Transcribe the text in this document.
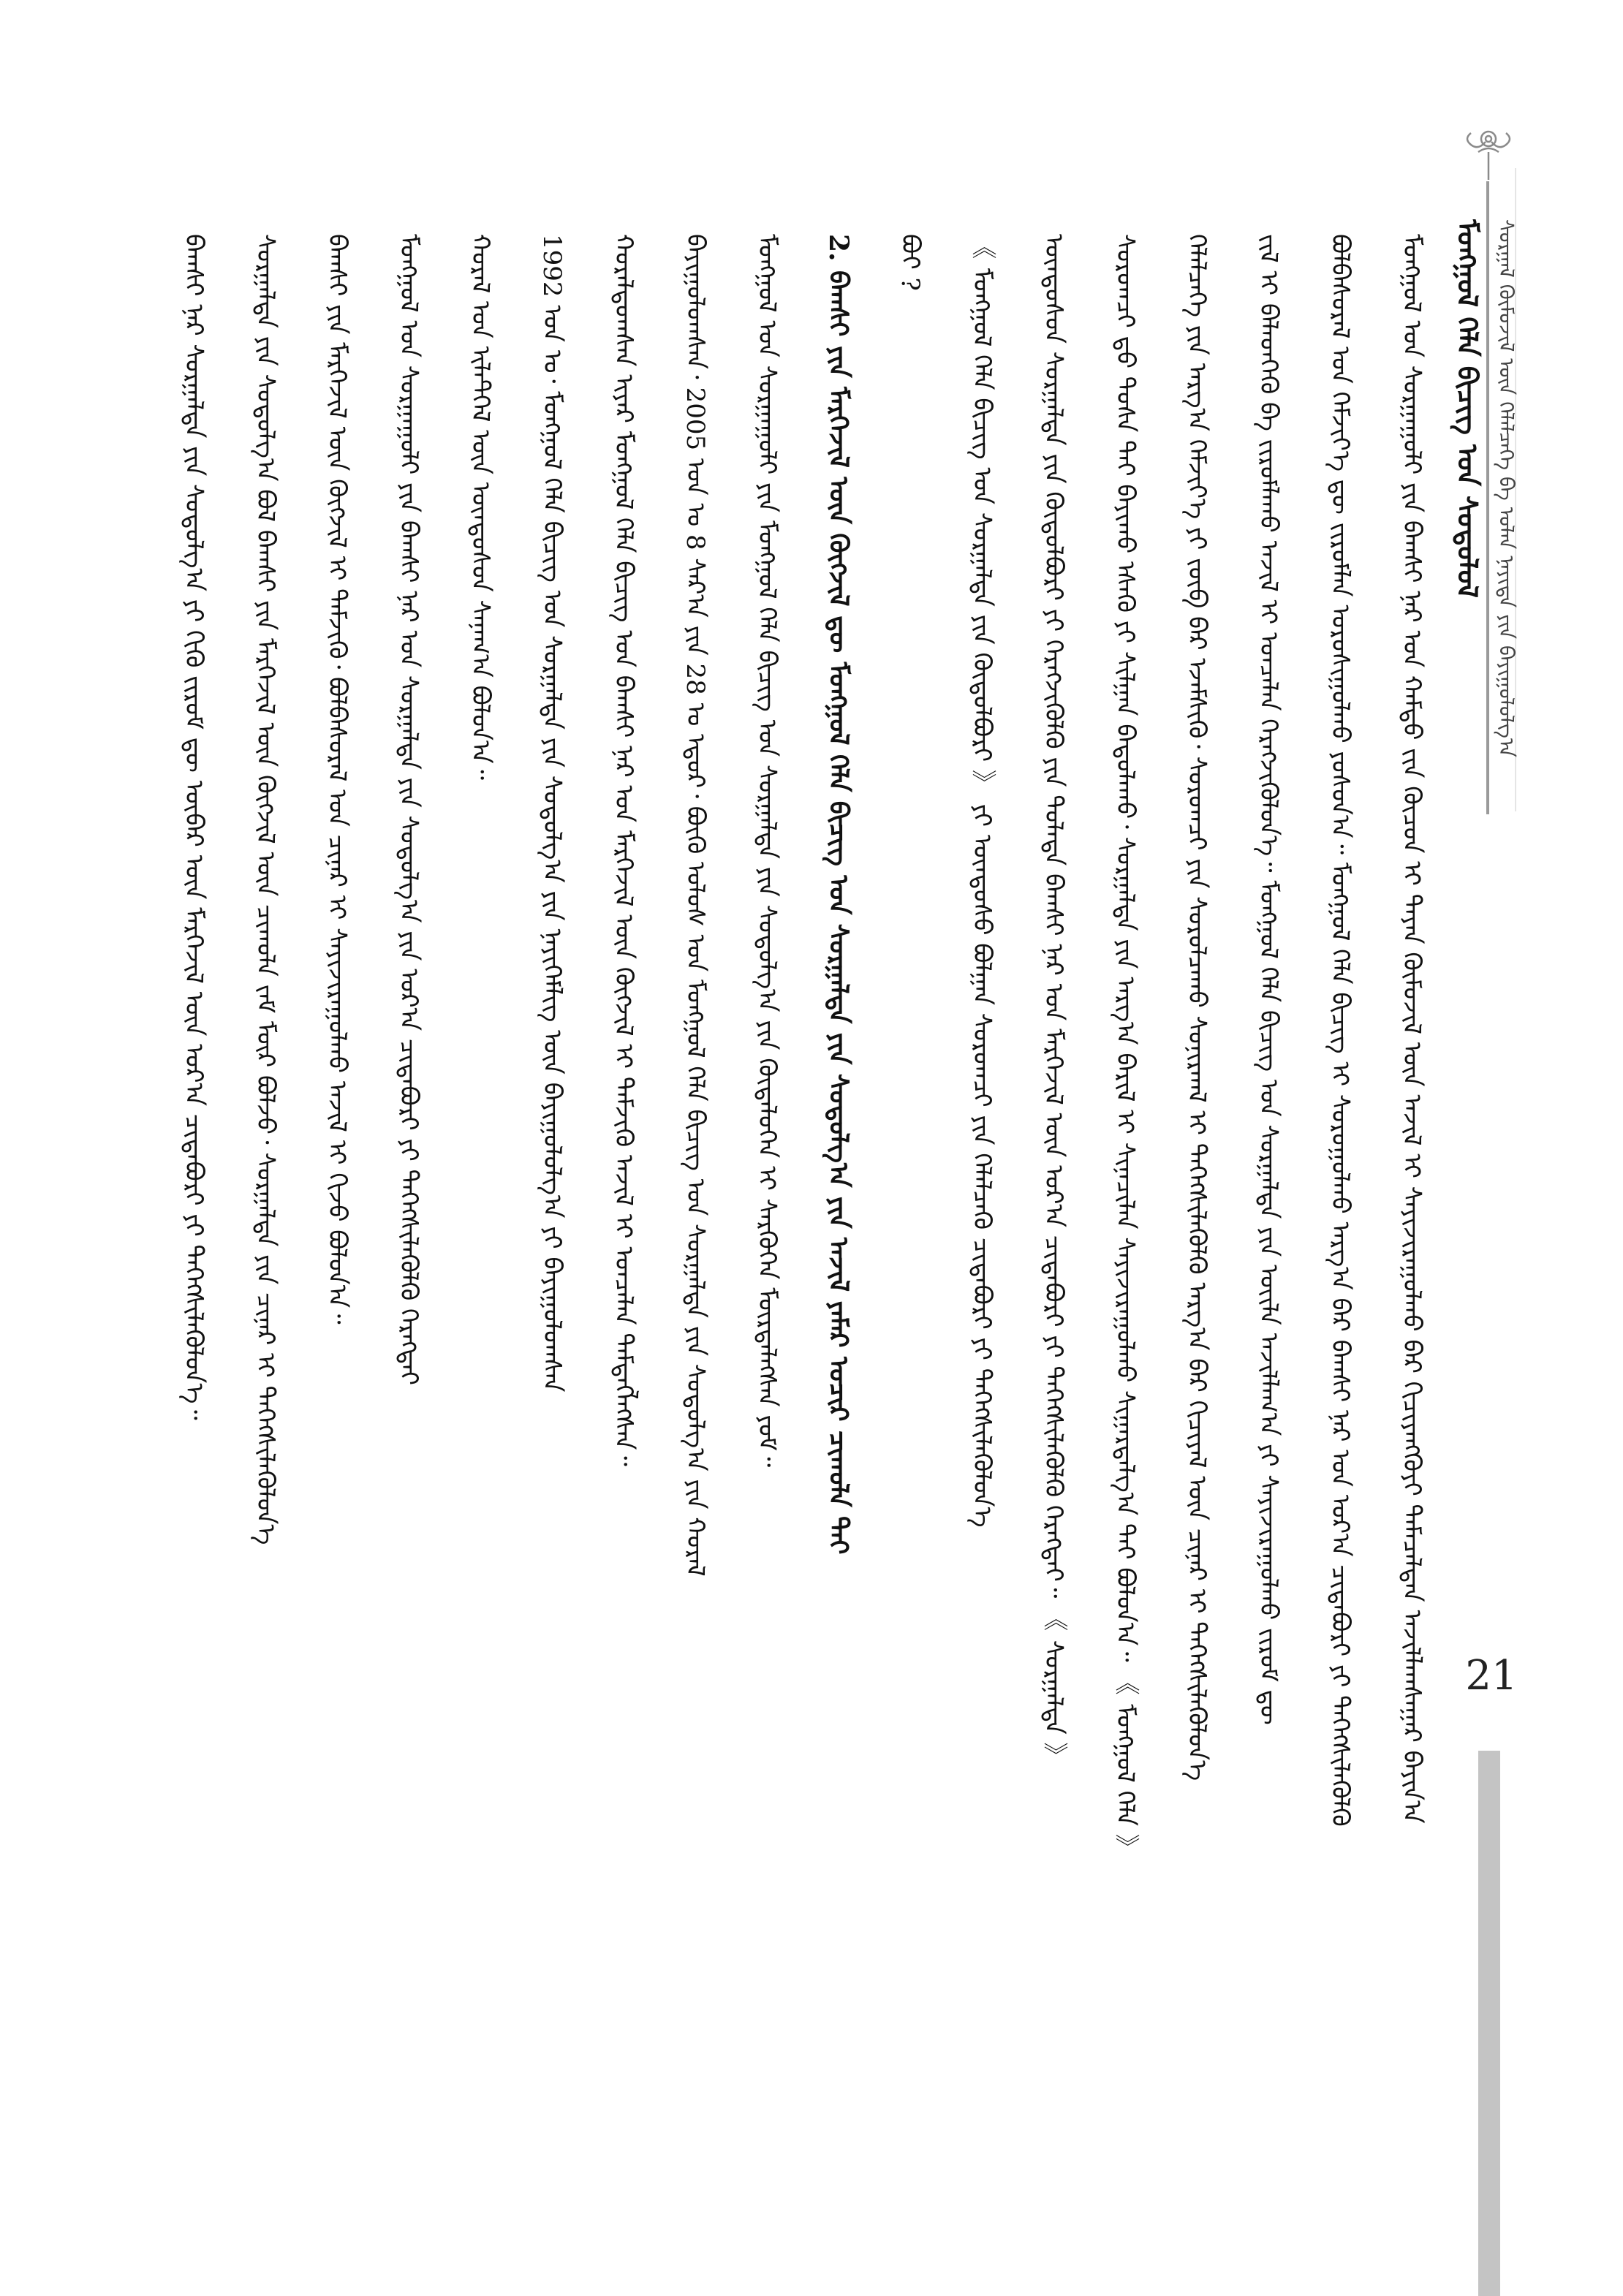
ᠮᠣᠩᠭᠣᠯ ᠬᠡᠯᠡ ᠪᠢᠴᠢᠭ᠌ ᠤᠨ ᠰᠤᠳᠤᠯᠤᠯ ᠰᠤᠷᠭᠠᠯ ᠬᠦᠮᠦᠵᠢᠯ ᠦᠨ ᠬᠡᠯᠡᠯᠴᠡᠭᠡ ᠪᠠ ᠣᠯᠠᠨ ᠨᠡᠶᠢᠲᠡ ᠶᠢᠨ ᠪᠠᠶᠢᠭᠤᠯᠤᠯᠭ᠎ᠠ
ᠮᠣᠩᠭᠣᠯ ᠤᠨ ᠰᠤᠷᠭᠠᠭᠤᠯᠢ ᠶᠢᠨ ᠪᠠᠭᠰᠢ ᠨᠠᠷ ᠤᠨ ᠬᠠᠮᠲᠤ ᠵᠢᠨ ᠬᠦᠴᠦᠨ ᠢ ᠳᠠᠶᠠᠨ ᠬᠦᠮᠦᠵᠢᠯ ᠦᠨ ᠠᠵᠢᠯ ᠢ ᠰᠠᠶᠢᠵᠢᠷᠠᠭᠤᠯᠬᠤ ᠪᠠᠷ ᠬᠢᠴᠢᠶᠡᠩᠭᠦᠶᠢ ᠲᠡᠮᠡᠴᠡᠯᠳᠡᠨ ᠠᠵᠢᠯᠯᠠᠭᠰᠠᠭᠠᠷ ᠪᠠᠶᠢᠨ᠎ᠠ
ᠪᠣᠯᠪᠠᠰᠤᠷᠠᠯ ᠤᠨ ᠬᠡᠮᠵᠢᠶ᠎ᠡ ᠳᠦ ᠵᠢᠷᠤᠮᠯᠠᠨ ᠣᠷᠣᠰᠢᠭᠤᠯᠬᠤ ᠶᠤᠰᠤᠨ᠎ᠠ᠃ ᠮᠣᠩᠭᠣᠯ ᠬᠡᠯᠡ ᠪᠢᠴᠢᠭ᠌ ᠢ ᠰᠤᠷᠤᠭᠤᠯᠬᠤ ᠠᠷᠭ᠎ᠠ ᠪᠠᠷ ᠪᠠᠭᠰᠢ ᠨᠠᠷ ᠤᠨ ᠤᠷ᠎ᠠ ᠴᠢᠳᠠᠪᠤᠷᠢ ᠶᠢ ᠳᠡᠭᠡᠭᠰᠢᠯᠡᠭᠦᠯᠬᠦ
ᠵᠢᠯ ᠢ ᠪᠡᠯᠡᠳᠬᠡᠬᠦ ᠪᠠ ᠵᠢᠷᠤᠮᠯᠠᠬᠤ ᠠᠵᠢᠯ ᠢ ᠣᠨᠴᠠᠯᠠᠨ ᠬᠡᠷᠡᠭᠵᠢᠭᠦᠯᠦᠨ᠎ᠡ᠃ ᠮᠣᠩᠭᠣᠯ ᠬᠡᠯᠡ ᠪᠢᠴᠢᠭ᠌ ᠤᠨ ᠰᠤᠷᠭᠠᠯᠲᠠ ᠶᠢᠨ ᠦᠢᠯᠡ ᠠᠵᠢᠯᠯᠠᠭ᠎ᠠ ᠶᠢ ᠰᠠᠶᠢᠵᠢᠷᠠᠭᠤᠯᠬᠤ ᠵᠢᠷᠤᠮ ᠳᠦ
ᠬᠡᠯᠡᠯᠴᠡᠭᠡ ᠶᠢᠨ ᠠᠷᠭ᠎ᠠ ᠬᠡᠮᠵᠢᠶ᠎ᠡ ᠶᠢ ᠵᠦᠪ ᠪᠠᠷ ᠡᠵᠡᠮᠰᠢᠬᠦ᠂ ᠰᠤᠷᠤᠭᠴᠢ ᠶᠢᠨ ᠰᠤᠷᠤᠯᠴᠠᠬᠤ ᠰᠣᠨᠢᠷᠬᠠᠯ ᠢ ᠳᠡᠭᠡᠭᠰᠢᠯᠡᠭᠦᠯᠬᠦ ᠠᠷᠭ᠎ᠠ ᠪᠠᠷ ᠬᠢᠴᠢᠶᠡᠯ ᠦᠨ ᠴᠢᠨᠠᠷ ᠢ ᠳᠡᠭᠡᠭᠰᠢᠯᠡᠭᠦᠯᠦᠨ᠎ᠡ
ᠰᠤᠷᠤᠭᠴᠢ ᠳ᠋ᠤ᠌ ᠲᠤᠰᠠ ᠲᠠᠢ ᠪᠠᠶᠢᠬᠤ ᠡᠰᠡᠬᠦ ᠶᠢ ᠰᠢᠯᠭᠠᠨ ᠪᠠᠲᠤᠯᠠᠬᠤ᠂ ᠰᠤᠷᠭᠠᠯᠲᠠ ᠶᠢᠨ ᠠᠷᠭ᠎ᠠ ᠪᠠᠷᠢᠯ ᠢ ᠰᠢᠨᠡᠴᠢᠯᠡᠨ ᠰᠠᠶᠢᠵᠢᠷᠠᠭᠤᠯᠬᠤ ᠰᠢᠭᠠᠷᠳᠠᠯᠭ᠎ᠠ ᠲᠠᠶ ᠪᠣᠯᠤᠨ᠎ᠠ᠃ 《 ᠮᠣᠩᠭᠣᠯ ᠬᠡᠯᠡ 》
ᠦᠨᠳᠦᠰᠦᠨ ᠰᠤᠷᠭᠠᠯᠲᠠ ᠶᠢᠨ ᠬᠥᠲᠥᠯᠪᠦᠷᠢ ᠶᠢ ᠬᠡᠷᠡᠭᠵᠢᠭᠦᠯᠬᠦ ᠶᠢᠨ ᠲᠤᠯᠠᠳᠠ ᠪᠠᠭᠰᠢ ᠨᠠᠷ ᠤᠨ ᠮᠡᠷᠭᠡᠵᠢᠯ ᠦᠨ ᠤᠷ᠎ᠠ ᠴᠢᠳᠠᠪᠤᠷᠢ ᠶᠢ ᠳᠡᠭᠡᠭᠰᠢᠯᠡᠭᠦᠯᠬᠦ ᠬᠡᠷᠡᠭᠲᠡᠶ᠃ 《 ᠰᠤᠷᠭᠠᠯᠲᠠ 》
《 ᠮᠣᠩᠭᠣᠯ ᠬᠡᠯᠡ ᠪᠢᠴᠢᠭ᠌ ᠤᠨ ᠰᠤᠷᠭᠠᠯᠲᠠ ᠶᠢᠨ ᠬᠥᠲᠥᠯᠪᠦᠷᠢ 》 ᠶᠢ ᠦᠨᠳᠦᠰᠦ ᠪᠣᠯᠭᠠᠨ ᠰᠤᠷᠤᠭᠴᠢ ᠶᠢᠨ ᠬᠡᠯᠡᠯᠴᠡᠬᠦ ᠴᠢᠳᠠᠪᠤᠷᠢ ᠶᠢ ᠳᠡᠭᠡᠭᠰᠢᠯᠡᠭᠦᠯᠦᠨ᠎ᠡ
ᠪᠤᠢ ?
2. ᠪᠠᠭᠰᠢ ᠶᠢᠨ ᠮᠡᠷᠭᠡᠵᠢᠯ ᠦᠨ ᠬᠥᠭᠵᠢᠯ ᠳᠦ ᠮᠣᠩᠭᠣᠯ ᠬᠡᠯᠡ ᠪᠢᠴᠢᠭ᠌ ᠤᠨ ᠰᠤᠷᠭᠠᠯᠲᠠ ᠶᠢᠨ ᠰᠤᠳᠤᠯᠭ᠎ᠠ ᠶᠢᠨ ᠠᠵᠢᠯ ᠶᠠᠮᠠᠷ ᠤᠴᠢᠷ ᠴᠢᠬᠤᠯᠠ ᠲᠠᠶ
ᠮᠣᠩᠭᠣᠯ ᠤᠨ ᠰᠤᠷᠭᠠᠭᠤᠯᠢ ᠶᠢᠨ ᠮᠣᠩᠭᠣᠯ ᠬᠡᠯᠡ ᠪᠢᠴᠢᠭ᠌ ᠤᠨ ᠰᠤᠷᠭᠠᠯᠲᠠ ᠶᠢᠨ ᠰᠤᠳᠤᠯᠭ᠎ᠠ ᠶᠢᠨ ᠬᠥᠳᠡᠯᠦᠭᠡᠨ ᠢ ᠰᠡᠷᠭᠦᠭᠡᠨ ᠮᠥᠷᠳᠡᠯᠡᠭᠰᠡᠨ ᠶᠤᠮ᠃
ᠪᠠᠶᠢᠭᠤᠯᠤᠭᠰᠠᠨ᠂ 2005 ᠣᠨ ᠤ 8 ᠰᠠᠷ᠎ᠠ ᠶᠢᠨ 28 ᠤ ᠡᠳᠦᠷ᠂ ᠪᠦᠬᠦ ᠤᠯᠤᠰ ᠤᠨ ᠮᠣᠩᠭᠣᠯ ᠬᠡᠯᠡ ᠪᠢᠴᠢᠭ᠌ ᠤᠨ ᠰᠤᠷᠭᠠᠯᠲᠠ ᠶᠢᠨ ᠰᠤᠳᠤᠯᠭ᠎ᠠ ᠶᠢᠨ ᠬᠤᠷᠠᠯ
ᠬᠤᠷᠠᠯᠳᠤᠭᠰᠠᠨ ᠢᠶᠠᠷ ᠮᠣᠩᠭᠣᠯ ᠬᠡᠯᠡ ᠪᠢᠴᠢᠭ᠌ ᠤᠨ ᠪᠠᠭᠰᠢ ᠨᠠᠷ ᠤᠨ ᠮᠡᠷᠭᠡᠵᠢᠯ ᠦᠨ ᠬᠥᠭᠵᠢᠯ ᠢ ᠳᠡᠮᠵᠢᠬᠦ ᠠᠵᠢᠯ ᠢ ᠣᠨᠴᠠᠯᠠᠨ ᠲᠡᠮᠳᠡᠭᠯᠡᠭᠰᠡᠨ᠃
1992 ᠣᠨ ᠤ᠂ ᠮᠣᠩᠭᠣᠯ ᠬᠡᠯᠡ ᠪᠢᠴᠢᠭ᠌ ᠤᠨ ᠰᠤᠷᠭᠠᠯᠲᠠ ᠶᠢᠨ ᠰᠤᠳᠤᠯᠭ᠎ᠠ ᠶᠢᠨ ᠨᠡᠶᠢᠭᠡᠮᠯᠢᠭ ᠦᠨ ᠪᠠᠶᠢᠭᠤᠯᠤᠯᠭ᠎ᠠ ᠶᠢ ᠪᠠᠶᠢᠭᠤᠯᠤᠭᠰᠠᠨ
ᠬᠤᠷᠠᠯ ᠤᠨ ᠢᠯᠡᠲᠬᠡᠯ ᠦᠨ ᠦᠨᠳᠦᠰᠦᠨ ᠰᠠᠨᠠᠭ᠎ᠠ ᠪᠣᠯᠤᠨ᠎ᠠ᠃
ᠮᠣᠩᠭᠣᠯ ᠤᠨ ᠰᠤᠷᠭᠠᠭᠤᠯᠢ ᠶᠢᠨ ᠪᠠᠭᠰᠢ ᠨᠠᠷ ᠤᠨ ᠰᠤᠷᠭᠠᠯᠲᠠ ᠶᠢᠨ ᠰᠤᠳᠤᠯᠭ᠎ᠠ ᠶᠢᠨ ᠤᠷ᠎ᠠ ᠴᠢᠳᠠᠪᠤᠷᠢ ᠶᠢ ᠳᠡᠭᠡᠭᠰᠢᠯᠡᠭᠦᠯᠬᠦ ᠬᠡᠷᠡᠭᠲᠡᠶ
ᠪᠠᠭᠰᠢ ᠶᠢᠨ ᠮᠡᠷᠭᠡᠵᠢᠯ ᠦᠨ ᠬᠥᠭᠵᠢᠯ ᠢ ᠳᠡᠮᠵᠢᠬᠦ᠂ ᠪᠣᠯᠪᠠᠰᠤᠷᠠᠯ ᠤᠨ ᠴᠢᠨᠠᠷ ᠢ ᠰᠠᠶᠢᠵᠢᠷᠠᠭᠤᠯᠬᠤ ᠠᠵᠢᠯ ᠢ ᠬᠢᠵᠦ ᠪᠣᠯᠤᠨ᠎ᠠ᠃
ᠰᠤᠷᠭᠠᠯᠲᠠ ᠶᠢᠨ ᠰᠤᠳᠤᠯᠭ᠎ᠠ ᠪᠣᠯ ᠪᠠᠭᠰᠢ ᠶᠢᠨ ᠮᠡᠷᠭᠡᠵᠢᠯ ᠦᠨ ᠬᠥᠭᠵᠢᠯ ᠦᠨ ᠴᠢᠬᠤᠯᠠ ᠵᠠᠮ ᠮᠥᠷ ᠪᠣᠯᠵᠤ᠂ ᠰᠤᠷᠭᠠᠯᠲᠠ ᠶᠢᠨ ᠴᠢᠨᠠᠷ ᠢ ᠳᠡᠭᠡᠭᠰᠢᠯᠡᠭᠦᠯᠦᠨ᠎ᠡ
ᠪᠠᠭᠰᠢ ᠨᠠᠷ ᠰᠤᠷᠭᠠᠯᠲᠠ ᠶᠢᠨ ᠰᠤᠳᠤᠯᠭ᠎ᠠ ᠶᠢ ᠬᠢᠬᠦ ᠵᠢᠷᠤᠮ ᠳᠦ ᠥᠪᠡᠷ ᠦᠨ ᠮᠡᠷᠭᠡᠵᠢᠯ ᠦᠨ ᠤᠷ᠎ᠠ ᠴᠢᠳᠠᠪᠤᠷᠢ ᠶᠢ ᠳᠡᠭᠡᠭᠰᠢᠯᠡᠭᠦᠯᠦᠨ᠎ᠡ᠃
21
